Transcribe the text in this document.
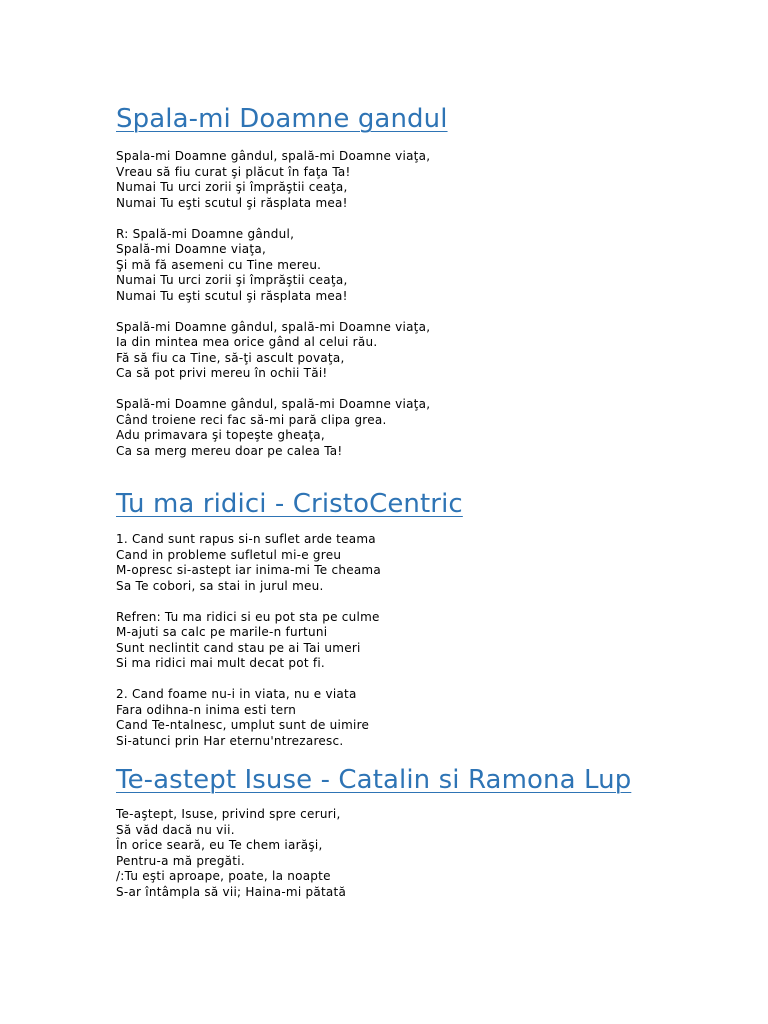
Spala-mi Doamne gandul

Spala-mi Doamne gândul, spală-mi Doamne viaţa,
Vreau să fiu curat şi plăcut în faţa Ta!
Numai Tu urci zorii şi împrăştii ceaţa,
Numai Tu eşti scutul şi răsplata mea!

R: Spală-mi Doamne gândul,
Spală-mi Doamne viaţa,
Şi mă fă asemeni cu Tine mereu.
Numai Tu urci zorii şi împrăştii ceaţa,
Numai Tu eşti scutul şi răsplata mea!

Spală-mi Doamne gândul, spală-mi Doamne viaţa,
Ia din mintea mea orice gând al celui rău.
Fă să fiu ca Tine, să-ţi ascult povaţa,
Ca să pot privi mereu în ochii Tăi!

Spală-mi Doamne gândul, spală-mi Doamne viaţa,
Când troiene reci fac să-mi pară clipa grea.
Adu primavara şi topeşte gheaţa,
Ca sa merg mereu doar pe calea Ta!

Tu ma ridici - CristoCentric

1. Cand sunt rapus si-n suflet arde teama
Cand in probleme sufletul mi-e greu
M-opresc si-astept iar inima-mi Te cheama
Sa Te cobori, sa stai in jurul meu.

Refren: Tu ma ridici si eu pot sta pe culme
M-ajuti sa calc pe marile-n furtuni
Sunt neclintit cand stau pe ai Tai umeri
Si ma ridici mai mult decat pot fi.

2. Cand foame nu-i in viata, nu e viata
Fara odihna-n inima esti tern
Cand Te-ntalnesc, umplut sunt de uimire
Si-atunci prin Har eternu'ntrezaresc.

Te-astept Isuse - Catalin si Ramona Lup

Te-aştept, Isuse, privind spre ceruri,
Să văd dacă nu vii.
În orice seară, eu Te chem iarăşi,
Pentru-a mă pregăti.
/:Tu eşti aproape, poate, la noapte
S-ar întâmpla să vii; Haina-mi pătată
